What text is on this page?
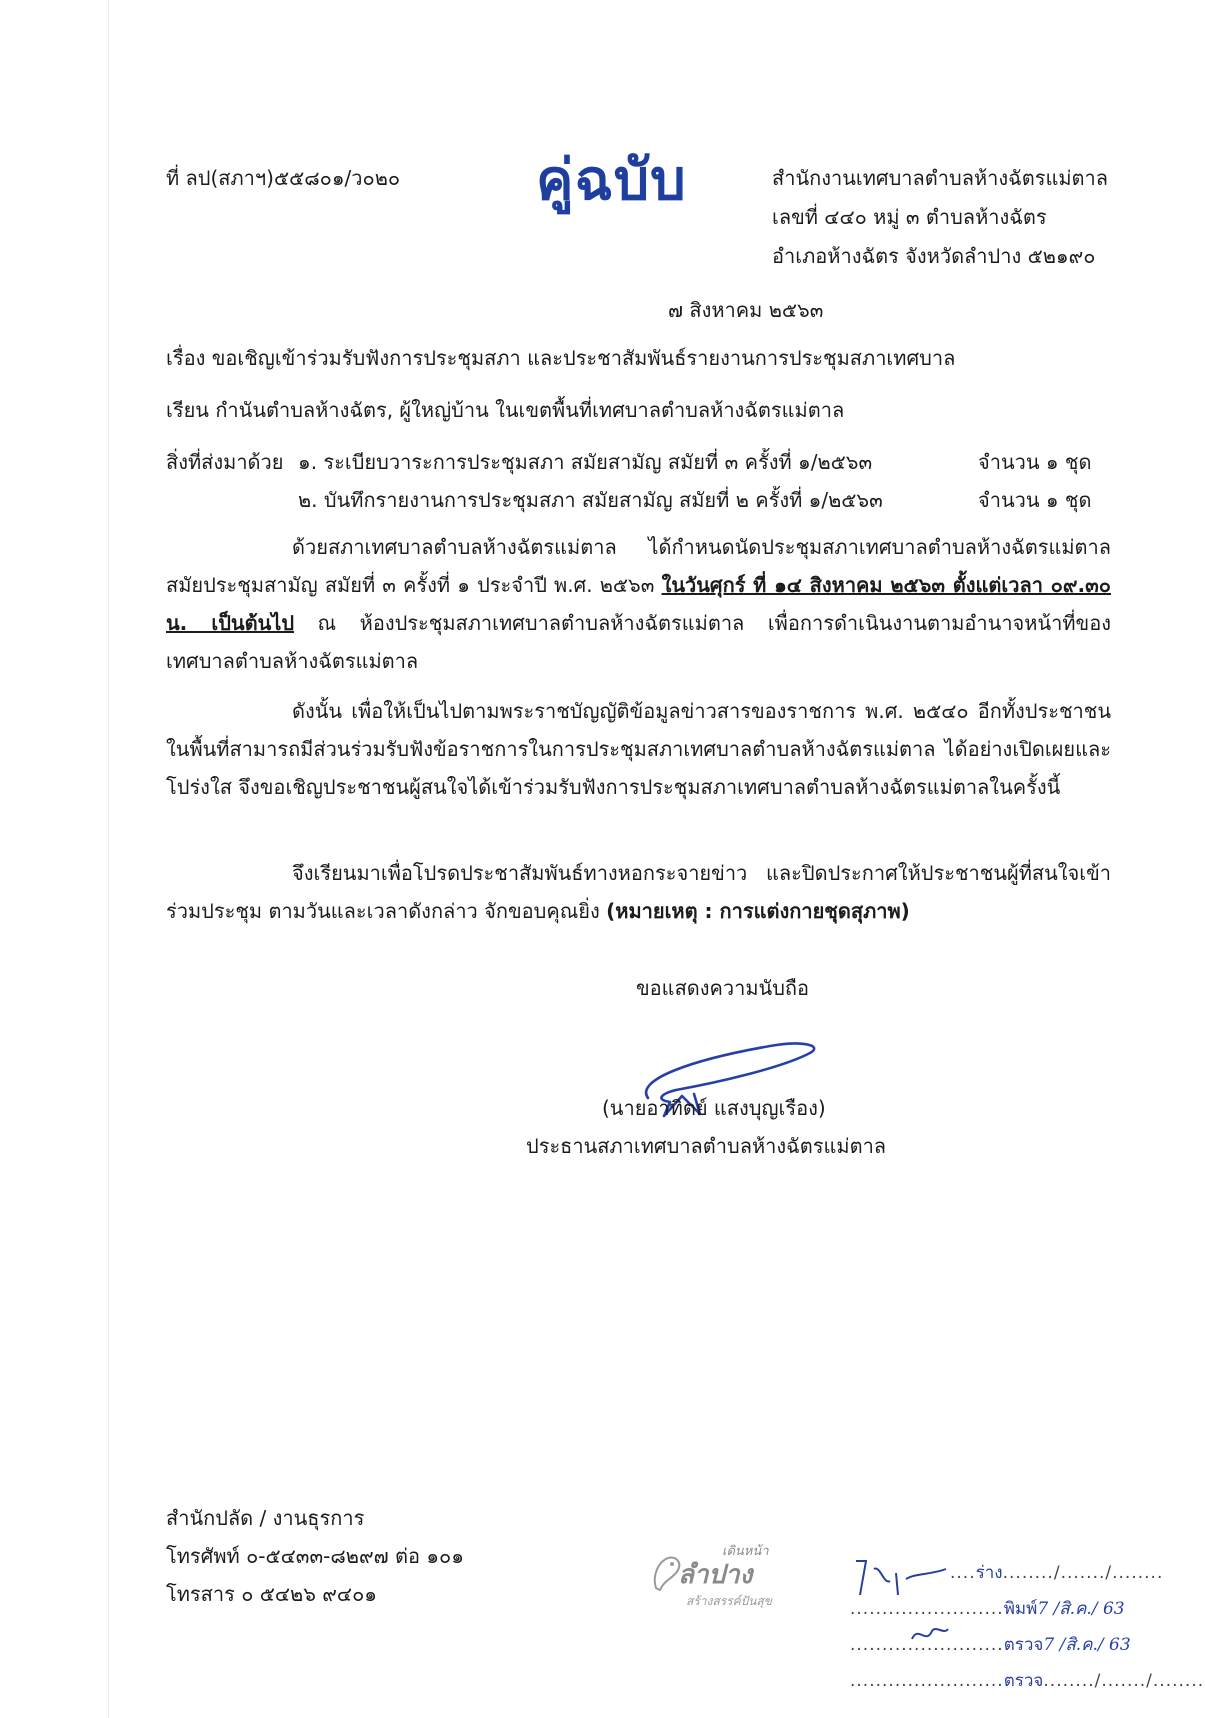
ที่ ลป(สภาฯ)๕๕๘๐๑/ว๐๒๐ คู่ฉบับ	สำนักงานเทศบาลตำบลห้างฉัตรแม่ตาล
เลขที่ ๔๔๐ หมู่ ๓ ตำบลห้างฉัตร
อำเภอห้างฉัตร จังหวัดลำปาง ๕๒๑๙๐
๗ สิงหาคม ๒๕๖๓
เรื่อง ขอเชิญเข้าร่วมรับฟังการประชุมสภา และประชาสัมพันธ์รายงานการประชุมสภาเทศบาล
เรียน กำนันตำบลห้างฉัตร, ผู้ใหญ่บ้าน ในเขตพื้นที่เทศบาลตำบลห้างฉัตรแม่ตาล
สิ่งที่ส่งมาด้วย ๑. ระเบียบวาระการประชุมสภา สมัยสามัญ สมัยที่ ๓ ครั้งที่ ๑/๒๕๖๓	จำนวน ๑ ชุด
๒. บันทึกรายงานการประชุมสภา สมัยสามัญ สมัยที่ ๒ ครั้งที่ ๑/๒๕๖๓	จำนวน ๑ ชุด
ด้วยสภาเทศบาลตำบลห้างฉัตรแม่ตาล ได้กำหนดนัดประชุมสภาเทศบาลตำบลห้างฉัตรแม่ตาล สมัยประชุมสามัญ สมัยที่ ๓ ครั้งที่ ๑ ประจำปี พ.ศ. ๒๕๖๓ ในวันศุกร์ ที่ ๑๔ สิงหาคม ๒๕๖๓ ตั้งแต่เวลา ๐๙.๓๐ น. เป็นต้นไป ณ ห้องประชุมสภาเทศบาลตำบลห้างฉัตรแม่ตาล เพื่อการดำเนินงานตามอำนาจหน้าที่ของเทศบาลตำบลห้างฉัตรแม่ตาล
ดังนั้น เพื่อให้เป็นไปตามพระราชบัญญัติข้อมูลข่าวสารของราชการ พ.ศ. ๒๕๔๐ อีกทั้งประชาชนในพื้นที่สามารถมีส่วนร่วมรับฟังข้อราชการในการประชุมสภาเทศบาลตำบลห้างฉัตรแม่ตาล ได้อย่างเปิดเผยและโปร่งใส จึงขอเชิญประชาชนผู้สนใจได้เข้าร่วมรับฟังการประชุมสภาเทศบาลตำบลห้างฉัตรแม่ตาลในครั้งนี้
จึงเรียนมาเพื่อโปรดประชาสัมพันธ์ทางหอกระจายข่าว และปิดประกาศให้ประชาชนผู้ที่สนใจเข้าร่วมประชุม ตามวันและเวลาดังกล่าว จักขอบคุณยิ่ง (หมายเหตุ : การแต่งกายชุดสุภาพ)
ขอแสดงความนับถือ
(นายอาทิตย์ แสงบุญเรือง)
ประธานสภาเทศบาลตำบลห้างฉัตรแม่ตาล
สำนักปลัด / งานธุรการ
โทรศัพท์ ๐-๕๔๓๓-๘๒๙๗ ต่อ ๑๐๑
โทรสาร ๐ ๕๔๒๖ ๙๔๐๑
เดินหน้า
ลำปาง
สร้างสรรค์ปันสุข
....ร่าง......../......./........
........................พิมพ์7 /สิ.ค./ 63
........................ตรวจ7 /สิ.ค./ 63
........................ตรวจ......../......./........
